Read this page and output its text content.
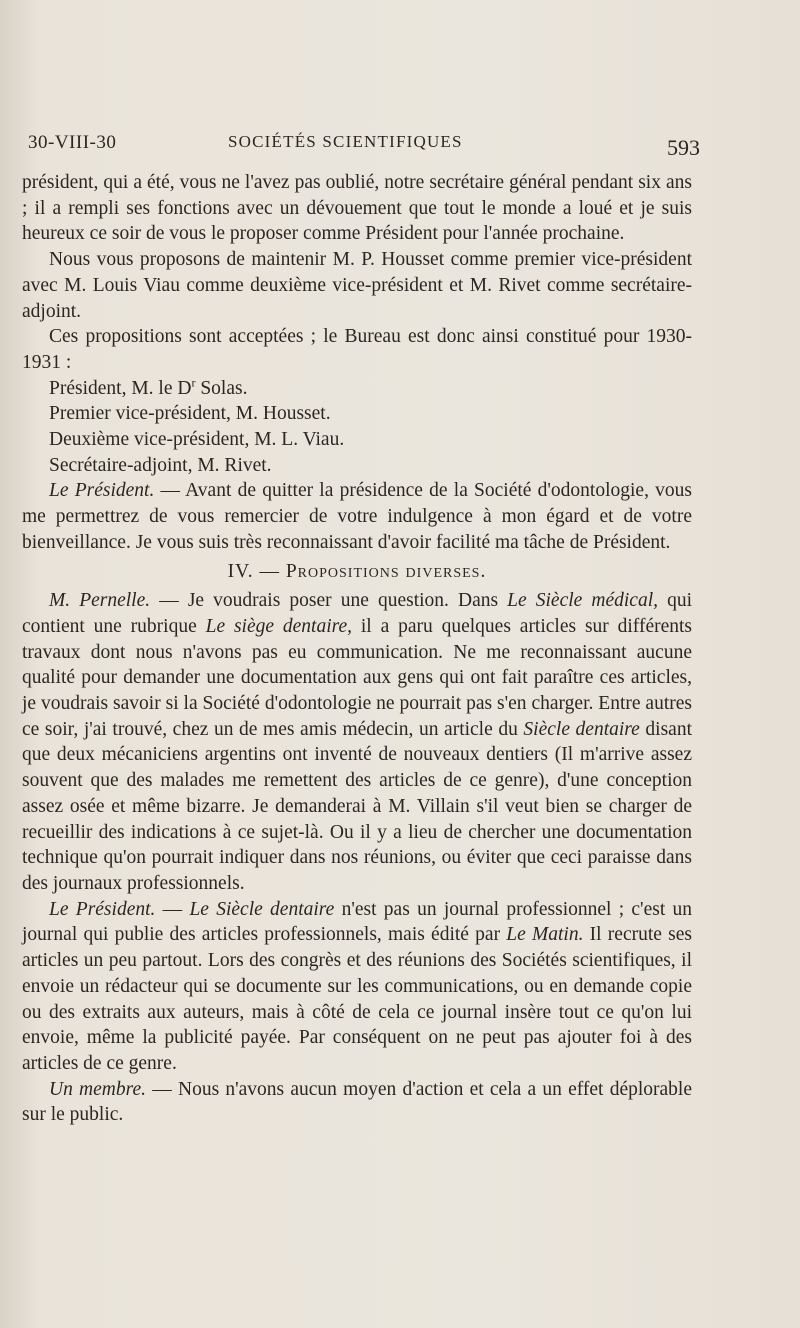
30-VIII-30	SOCIÉTÉS SCIENTIFIQUES	593

président, qui a été, vous ne l'avez pas oublié, notre secrétaire général pendant six ans ; il a rempli ses fonctions avec un dévouement que tout le monde a loué et je suis heureux ce soir de vous le proposer comme Président pour l'année prochaine.

Nous vous proposons de maintenir M. P. Housset comme premier vice-président avec M. Louis Viau comme deuxième vice-président et M. Rivet comme secrétaire-adjoint.

Ces propositions sont acceptées ; le Bureau est donc ainsi constitué pour 1930-1931 :

Président, M. le $D^r$ Solas.

Premier vice-président, M. Housset.

Deuxième vice-président, M. L. Viau.

Secrétaire-adjoint, M. Rivet.

Le Président. — Avant de quitter la présidence de la Société d'odontologie, vous me permettrez de vous remercier de votre indulgence à mon égard et de votre bienveillance. Je vous suis très reconnaissant d'avoir facilité ma tâche de Président.

IV. — Propositions diverses.

M. Pernelle. — Je voudrais poser une question. Dans Le Siècle médical, qui contient une rubrique Le siège dentaire, il a paru quelques articles sur différents travaux dont nous n'avons pas eu communication. Ne me reconnaissant aucune qualité pour demander une documentation aux gens qui ont fait paraître ces articles, je voudrais savoir si la Société d'odontologie ne pourrait pas s'en charger. Entre autres ce soir, j'ai trouvé, chez un de mes amis médecin, un article du Siècle dentaire disant que deux mécaniciens argentins ont inventé de nouveaux dentiers (Il m'arrive assez souvent que des malades me remettent des articles de ce genre), d'une conception assez osée et même bizarre. Je demanderai à M. Villain s'il veut bien se charger de recueillir des indications à ce sujet-là. Ou il y a lieu de chercher une documentation technique qu'on pourrait indiquer dans nos réunions, ou éviter que ceci paraisse dans des journaux professionnels.

Le Président. — Le Siècle dentaire n'est pas un journal professionnel ; c'est un journal qui publie des articles professionnels, mais édité par Le Matin. Il recrute ses articles un peu partout. Lors des congrès et des réunions des Sociétés scientifiques, il envoie un rédacteur qui se documente sur les communications, ou en demande copie ou des extraits aux auteurs, mais à côté de cela ce journal insère tout ce qu'on lui envoie, même la publicité payée. Par conséquent on ne peut pas ajouter foi à des articles de ce genre.

Un membre. — Nous n'avons aucun moyen d'action et cela a un effet déplorable sur le public.
